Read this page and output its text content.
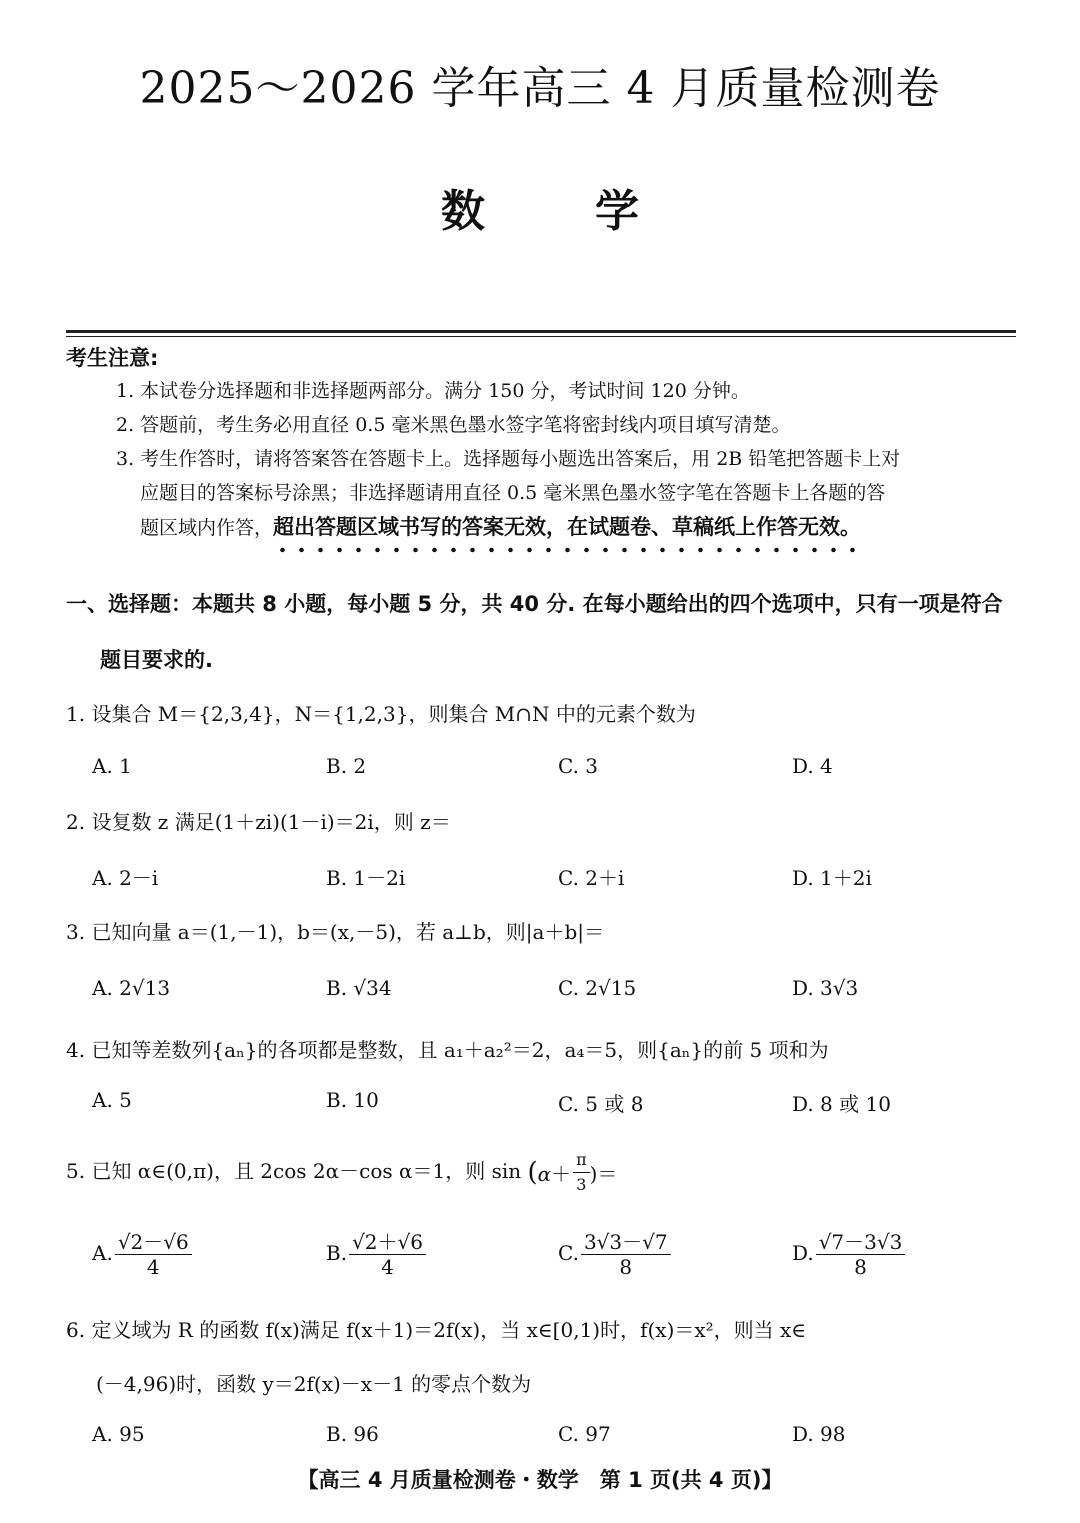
2025～2026 学年高三 4 月质量检测卷
数学
考生注意:
1. 本试卷分选择题和非选择题两部分。满分 150 分，考试时间 120 分钟。
2. 答题前，考生务必用直径 0.5 毫米黑色墨水签字笔将密封线内项目填写清楚。
3. 考生作答时，请将答案答在答题卡上。选择题每小题选出答案后，用 2B 铅笔把答题卡上对
应题目的答案标号涂黑；非选择题请用直径 0.5 毫米黑色墨水签字笔在答题卡上各题的答
题区域内作答，超出答题区域书写的答案无效，在试题卷、草稿纸上作答无效。
一、选择题：本题共 8 小题，每小题 5 分，共 40 分. 在每小题给出的四个选项中，只有一项是符合
题目要求的.
1. 设集合 M＝{2,3,4}，N＝{1,2,3}，则集合 M∩N 中的元素个数为
A. 1	B. 2	C. 3	D. 4
2. 设复数 z 满足(1＋zi)(1－i)＝2i，则 z＝
A. 2－i	B. 1－2i	C. 2＋i	D. 1＋2i
3. 已知向量 a＝(1,－1)，b＝(x,－5)，若 a⊥b，则|a＋b|＝
A. 2√13	B. √34	C. 2√15	D. 3√3
4. 已知等差数列{aₙ}的各项都是整数，且 a₁＋a₂²＝2，a₄＝5，则{aₙ}的前 5 项和为
A. 5	B. 10	C. 5 或 8	D. 8 或 10
5. 已知 α∈(0,π)，且 2cos 2α－cos α＝1，则 $\sin (\alpha+ \frac{\pi}{3}$ )＝
A. $\frac{√2-√6}{4}$	B. $\frac{√2+√6}{4}$	C. $\frac{3√3-√7}{8}$	D. $\frac{√7-3√3}{8}$
6. 定义域为 R 的函数 f(x)满足 f(x＋1)＝2f(x)，当 x∈[0,1)时，f(x)＝x²，则当 x∈
(－4,96)时，函数 y＝2f(x)－x－1 的零点个数为
A. 95	B. 96	C. 97	D. 98
【高三 4 月质量检测卷・数学　第 1 页(共 4 页)】
